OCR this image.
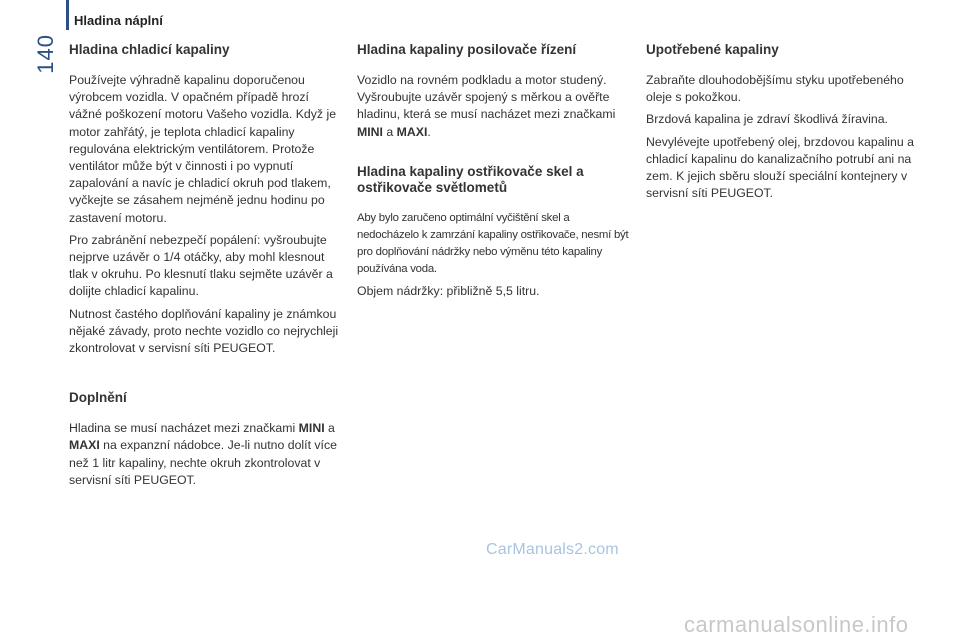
140
Hladina náplní
Hladina chladicí kapaliny

Používejte výhradně kapalinu doporučenou výrobcem vozidla. V opačném případě hrozí vážné poškození motoru Vašeho vozidla. Když je motor zahřátý, je teplota chladicí kapaliny regulována elektrickým ventilátorem. Protože ventilátor může být v činnosti i po vypnutí zapalování a navíc je chladicí okruh pod tlakem, vyčkejte se zásahem nejméně jednu hodinu po zastavení motoru.

Pro zabránění nebezpečí popálení: vyšroubujte nejprve uzávěr o 1/4 otáčky, aby mohl klesnout tlak v okruhu. Po klesnutí tlaku sejměte uzávěr a dolijte chladicí kapalinu.

Nutnost častého doplňování kapaliny je známkou nějaké závady, proto nechte vozidlo co nejrychleji zkontrolovat v servisní síti PEUGEOT.

Doplnění

Hladina se musí nacházet mezi značkami MINI a MAXI na expanzní nádobce. Je-li nutno dolít více než 1 litr kapaliny, nechte okruh zkontrolovat v servisní síti PEUGEOT.

Hladina kapaliny posilovače řízení

Vozidlo na rovném podkladu a motor studený. Vyšroubujte uzávěr spojený s měrkou a ověřte hladinu, která se musí nacházet mezi značkami MINI a MAXI.

Hladina kapaliny ostřikovače skel a ostřikovače světlometů

Aby bylo zaručeno optimální vyčištění skel a nedocházelo k zamrzání kapaliny ostřikovače, nesmí být pro doplňování nádržky nebo výměnu této kapaliny používána voda.

Objem nádržky: přibližně 5,5 litru.

Upotřebené kapaliny

Zabraňte dlouhodobějšímu styku upotřebeného oleje s pokožkou.

Brzdová kapalina je zdraví škodlivá žíravina.

Nevylévejte upotřebený olej, brzdovou kapalinu a chladicí kapalinu do kanalizačního potrubí ani na zem. K jejich sběru slouží speciální kontejnery v servisní síti PEUGEOT.

CarManuals2.com
carmanualsonline.info
